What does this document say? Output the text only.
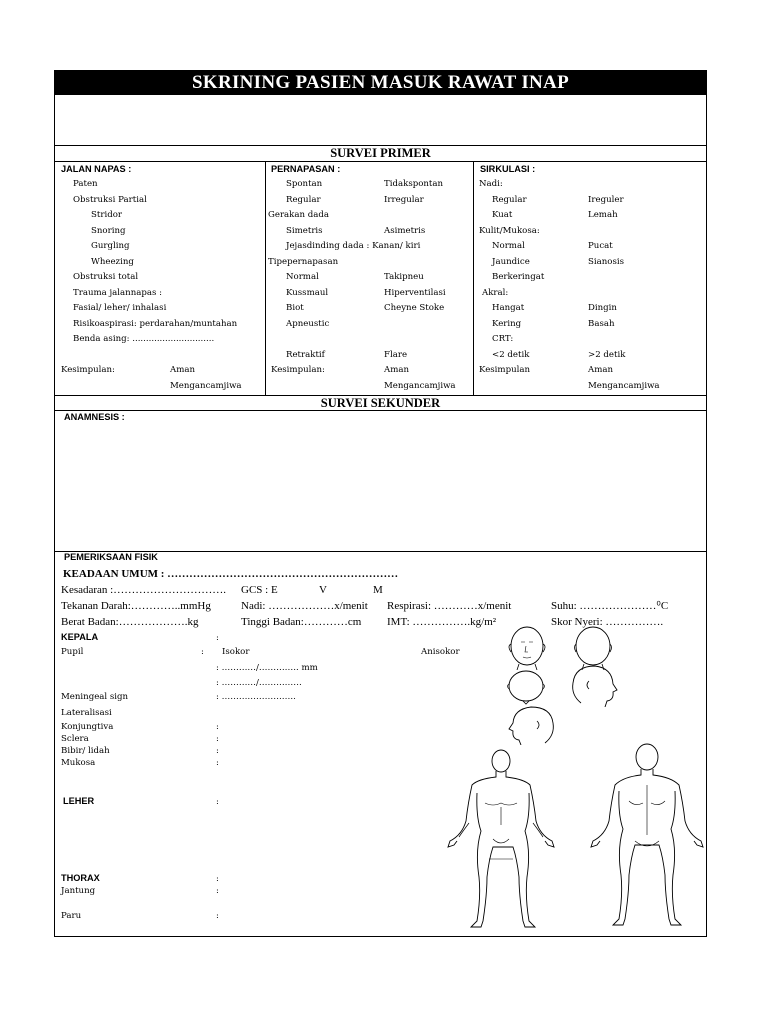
SKRINING PASIEN MASUK RAWAT INAP
SURVEI PRIMER
JALAN NAPAS :
Paten
Obstruksi Partial
Stridor
Snoring
Gurgling
Wheezing
Obstruksi total
Trauma jalannapas :
Fasial/ leher/ inhalasi
Risikoaspirasi: perdarahan/muntahan
Benda asing: ..............................
Kesimpulan:	Aman
Mengancamjiwa
PERNAPASAN :
Spontan	Tidakspontan
Regular	Irregular
Gerakan dada
Simetris	Asimetris
Jejasdinding dada : Kanan/ kiri
Tipepernapasan
Normal	Takipneu
Kussmaul	Hiperventilasi
Biot	Cheyne Stoke
Apneustic
Retraktif	Flare
Kesimpulan:	Aman
Mengancamjiwa
SIRKULASI :
Nadi:
Regular	Ireguler
Kuat	Lemah
Kulit/Mukosa:
Normal	Pucat
Jaundice	Sianosis
Berkeringat
Akral:
Hangat	Dingin
Kering	Basah
CRT:
<2 detik	>2 detik
Kesimpulan	Aman
Mengancamjiwa
SURVEI SEKUNDER
ANAMNESIS :
PEMERIKSAAN FISIK
KEADAAN UMUM : ………………………………………………………
Kesadaran :…………………………. GCS : E	V	M
Tekanan Darah:…………..mmHg	Nadi: ………………x/menit Respirasi: …………x/menit	Suhu: …………………⁰C
Berat Badan:……………….kg	Tinggi Badan:…………cm IMT: …………….kg/m²	Skor Nyeri: …………….
KEPALA	:
Pupil	: Isokor	Anisokor
: …………/………….. mm
: …………/……………
Meningeal sign	: ……………………..
Lateralisasi
Konjungtiva	:
Sclera	:
Bibir/ lidah	:
Mukosa	:
LEHER	:
THORAX	:
Jantung	:
Paru	:
